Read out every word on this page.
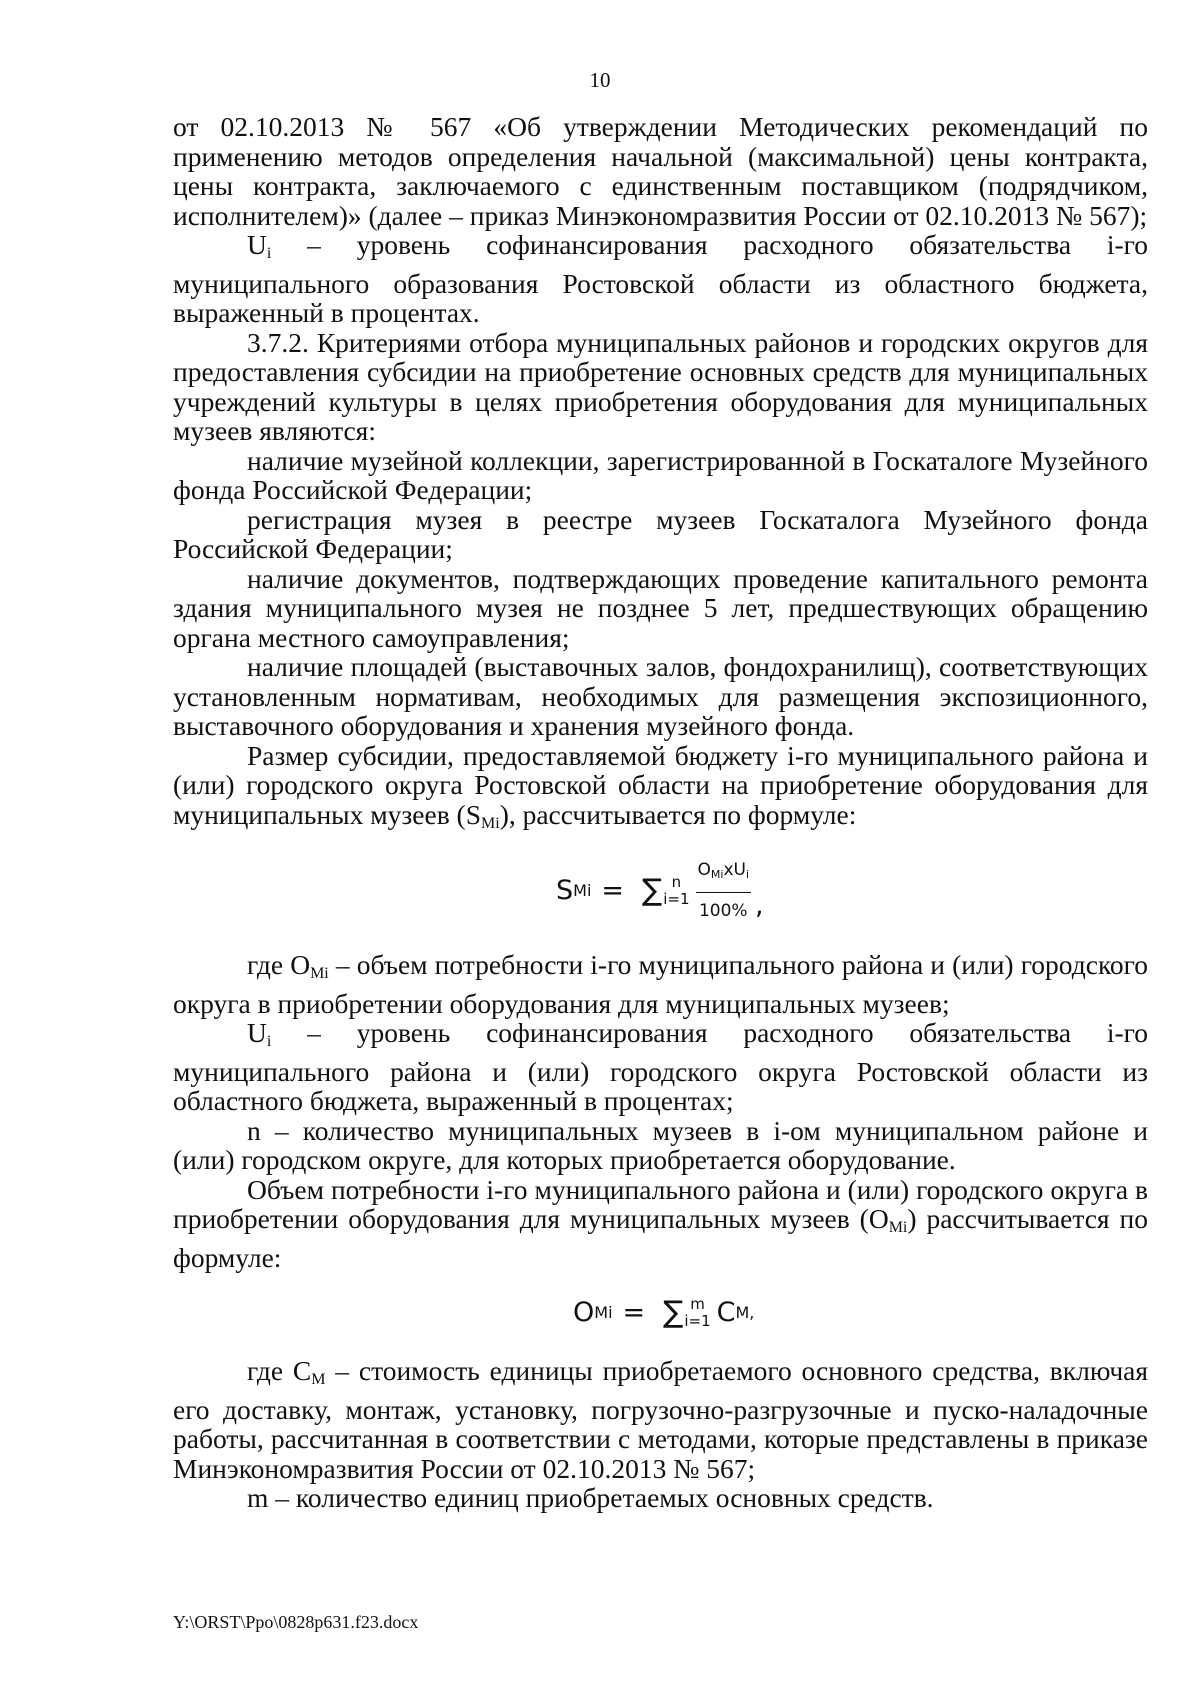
10

от 02.10.2013 № 567 «Об утверждении Методических рекомендаций по применению методов определения начальной (максимальной) цены контракта, цены контракта, заключаемого с единственным поставщиком (подрядчиком, исполнителем)» (далее – приказ Минэкономразвития России от 02.10.2013 № 567);

Ui – уровень софинансирования расходного обязательства i-го муниципального образования Ростовской области из областного бюджета, выраженный в процентах.

3.7.2. Критериями отбора муниципальных районов и городских округов для предоставления субсидии на приобретение основных средств для муниципальных учреждений культуры в целях приобретения оборудования для муниципальных музеев являются:

наличие музейной коллекции, зарегистрированной в Госкаталоге Музейного фонда Российской Федерации;

регистрация музея в реестре музеев Госкаталога Музейного фонда Российской Федерации;

наличие документов, подтверждающих проведение капитального ремонта здания муниципального музея не позднее 5 лет, предшествующих обращению органа местного самоуправления;

наличие площадей (выставочных залов, фондохранилищ), соответствующих установленным нормативам, необходимых для размещения экспозиционного, выставочного оборудования и хранения музейного фонда.

Размер субсидии, предоставляемой бюджету i-го муниципального района и (или) городского округа Ростовской области на приобретение оборудования для муниципальных музеев (SMi), рассчитывается по формуле:

S Mi = ∑ n
$i=1 \frac{\text{OMixUi}}{100\%}$ ,

где OMi – объем потребности i-го муниципального района и (или) городского округа в приобретении оборудования для муниципальных музеев;

Ui – уровень софинансирования расходного обязательства i-го муниципального района и (или) городского округа Ростовской области из областного бюджета, выраженный в процентах;

n – количество муниципальных музеев в i-ом муниципальном районе и (или) городском округе, для которых приобретается оборудование.

Объем потребности i-го муниципального района и (или) городского округа в приобретении оборудования для муниципальных музеев (OMi) рассчитывается по формуле:

O Mi = ∑ m
i=1 C M,

где CM – стоимость единицы приобретаемого основного средства, включая его доставку, монтаж, установку, погрузочно-разгрузочные и пуско-наладочные работы, рассчитанная в соответствии с методами, которые представлены в приказе Минэкономразвития России от 02.10.2013 № 567;

m – количество единиц приобретаемых основных средств.

Y:\ORST\Ppo\0828p631.f23.docx
